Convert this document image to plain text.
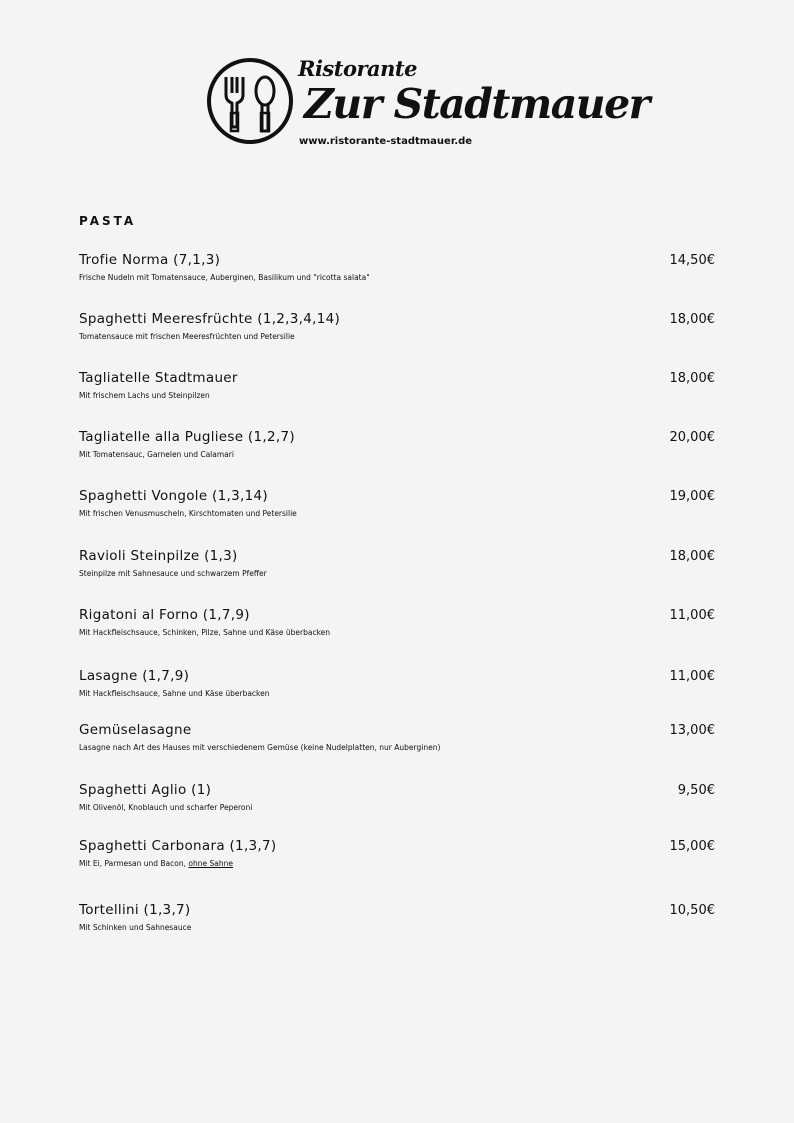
Ristorante
Zur Stadtmauer
www.ristorante-stadtmauer.de
PASTA
Trofie Norma (7,1,3)	14,50€
Frische Nudeln mit Tomatensauce, Auberginen, Basilikum und "ricotta salata"
Spaghetti Meeresfrüchte (1,2,3,4,14)	18,00€
Tomatensauce mit frischen Meeresfrüchten und Petersilie
Tagliatelle Stadtmauer	18,00€
Mit frischem Lachs und Steinpilzen
Tagliatelle alla Pugliese (1,2,7)	20,00€
Mit Tomatensauc, Garnelen und Calamari
Spaghetti Vongole (1,3,14)	19,00€
Mit frischen Venusmuscheln, Kirschtomaten und Petersilie
Ravioli Steinpilze (1,3)	18,00€
Steinpilze mit Sahnesauce und schwarzem Pfeffer
Rigatoni al Forno (1,7,9)	11,00€
Mit Hackfleischsauce, Schinken, Pilze, Sahne und Käse überbacken
Lasagne (1,7,9)	11,00€
Mit Hackfleischsauce, Sahne und Käse überbacken
Gemüselasagne	13,00€
Lasagne nach Art des Hauses mit verschiedenem Gemüse (keine Nudelplatten, nur Auberginen)
Spaghetti Aglio (1)	9,50€
Mit Olivenöl, Knoblauch und scharfer Peperoni
Spaghetti Carbonara (1,3,7)	15,00€
Mit Ei, Parmesan und Bacon, ohne Sahne
Tortellini (1,3,7)	10,50€
Mit Schinken und Sahnesauce
